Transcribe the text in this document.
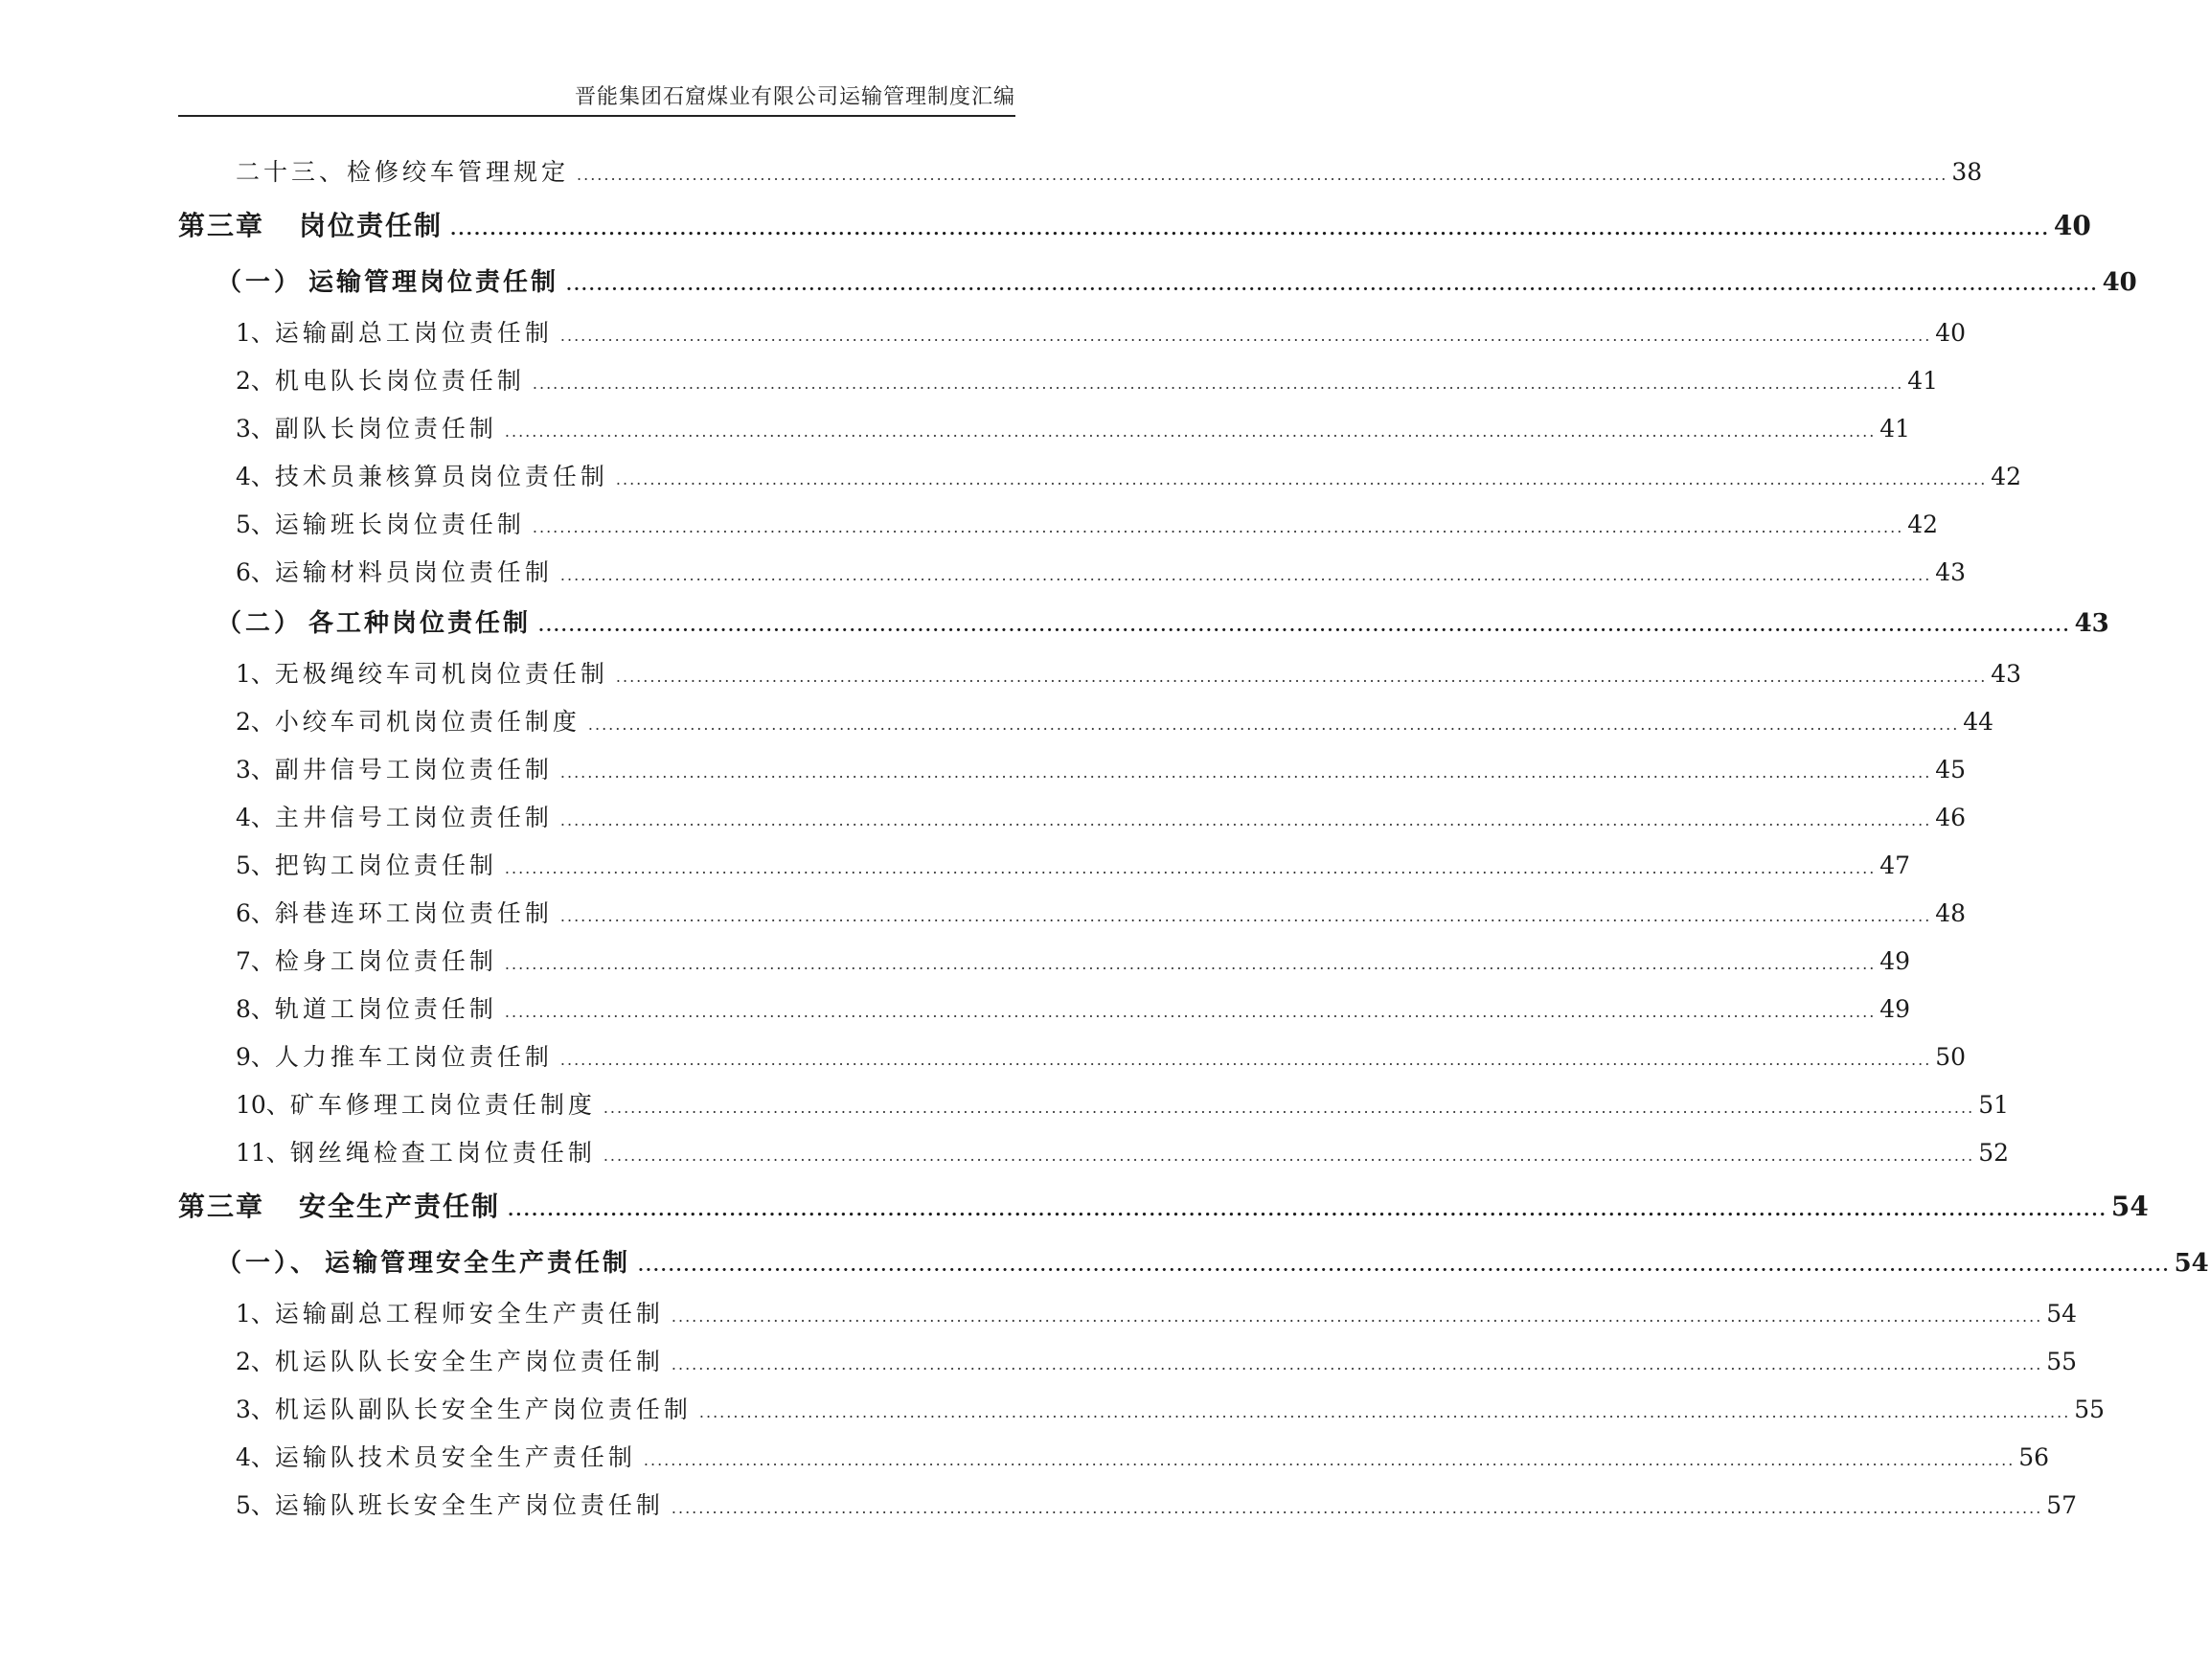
晋能集团石窟煤业有限公司运输管理制度汇编
二十三、检修绞车管理规定 .......................................................................................................................................................................................................... 38
第三章 岗位责任制 .......................................................................................................................................................................................................... 40
（一） 运输管理岗位责任制 .......................................................................................................................................................................................................... 40
1、 运输副总工岗位责任制 .......................................................................................................................................................................................................... 40
2、 机电队长岗位责任制 .......................................................................................................................................................................................................... 41
3、 副队长岗位责任制 .......................................................................................................................................................................................................... 41
4、 技术员兼核算员岗位责任制 .......................................................................................................................................................................................................... 42
5、 运输班长岗位责任制 .......................................................................................................................................................................................................... 42
6、 运输材料员岗位责任制 .......................................................................................................................................................................................................... 43
（二） 各工种岗位责任制 .......................................................................................................................................................................................................... 43
1、 无极绳绞车司机岗位责任制 .......................................................................................................................................................................................................... 43
2、 小绞车司机岗位责任制度 .......................................................................................................................................................................................................... 44
3、 副井信号工岗位责任制 .......................................................................................................................................................................................................... 45
4、 主井信号工岗位责任制 .......................................................................................................................................................................................................... 46
5、 把钩工岗位责任制 .......................................................................................................................................................................................................... 47
6、 斜巷连环工岗位责任制 .......................................................................................................................................................................................................... 48
7、 检身工岗位责任制 .......................................................................................................................................................................................................... 49
8、 轨道工岗位责任制 .......................................................................................................................................................................................................... 49
9、 人力推车工岗位责任制 .......................................................................................................................................................................................................... 50
10、 矿车修理工岗位责任制度 .......................................................................................................................................................................................................... 51
11、 钢丝绳检查工岗位责任制 .......................................................................................................................................................................................................... 52
第三章 安全生产责任制 .......................................................................................................................................................................................................... 54
（一）、 运输管理安全生产责任制 .......................................................................................................................................................................................................... 54
1、 运输副总工程师安全生产责任制 .......................................................................................................................................................................................................... 54
2、 机运队队长安全生产岗位责任制 .......................................................................................................................................................................................................... 55
3、 机运队副队长安全生产岗位责任制 .......................................................................................................................................................................................................... 55
4、 运输队技术员安全生产责任制 .......................................................................................................................................................................................................... 56
5、 运输队班长安全生产岗位责任制 .......................................................................................................................................................................................................... 57
